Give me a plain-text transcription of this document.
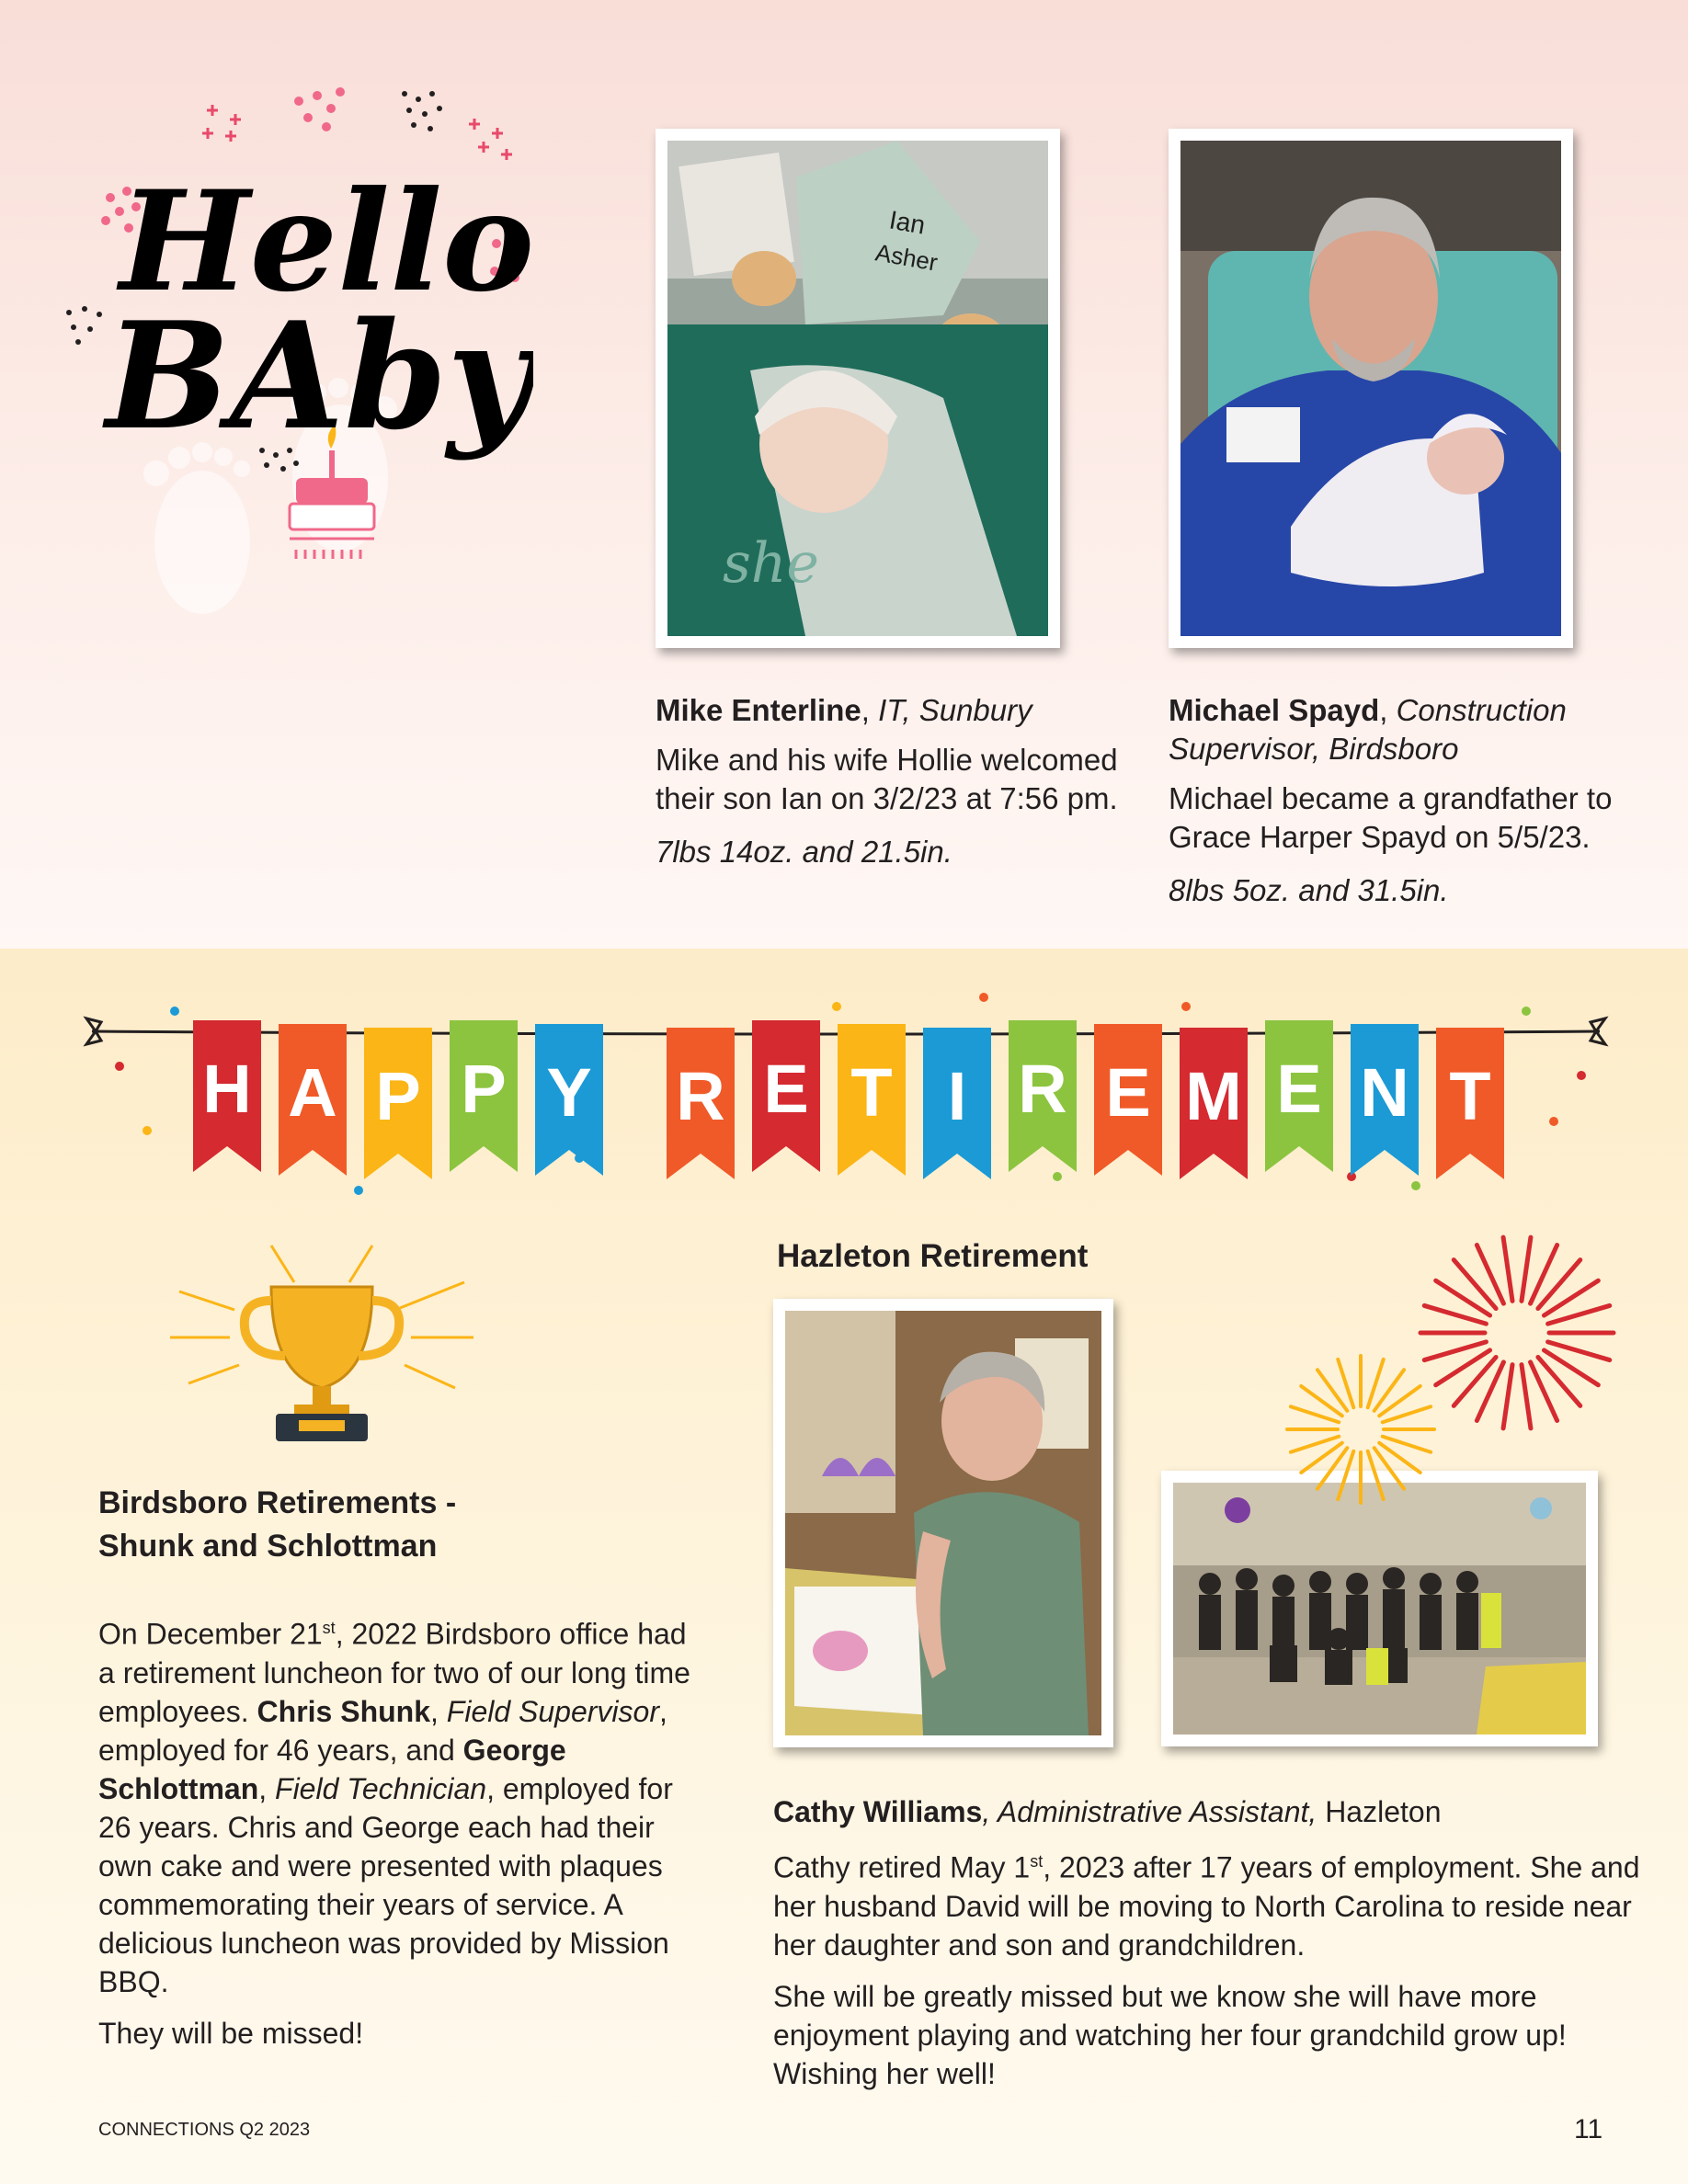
Hello
BAby
Ian
Asher
she

Mike Enterline, IT, Sunbury

Mike and his wife Hollie welcomed their son Ian on 3/2/23 at 7:56 pm.

7lbs 14oz. and 21.5in.

Michael Spayd, Construction Supervisor, Birdsboro

Michael became a grandfather to Grace Harper Spayd on 5/5/23.

8lbs 5oz. and 31.5in.

H A P P Y R E T I R E M E N T
Birdsboro Retirements -
Shunk and Schlottman

On December 21st, 2022 Birdsboro office had a retirement luncheon for two of our long time employees. Chris Shunk, Field Supervisor, employed for 46 years, and George Schlottman, Field Technician, employed for 26 years. Chris and George each had their own cake and were presented with plaques commemorating their years of service. A delicious luncheon was provided by Mission BBQ.

They will be missed!

Hazleton Retirement

Cathy Williams, Administrative Assistant, Hazleton

Cathy retired May 1st, 2023 after 17 years of employment. She and her husband David will be moving to North Carolina to reside near her daughter and son and grandchildren.

She will be greatly missed but we know she will have more enjoyment playing and watching her four grandchild grow up! Wishing her well!

CONNECTIONS Q2 2023	11
